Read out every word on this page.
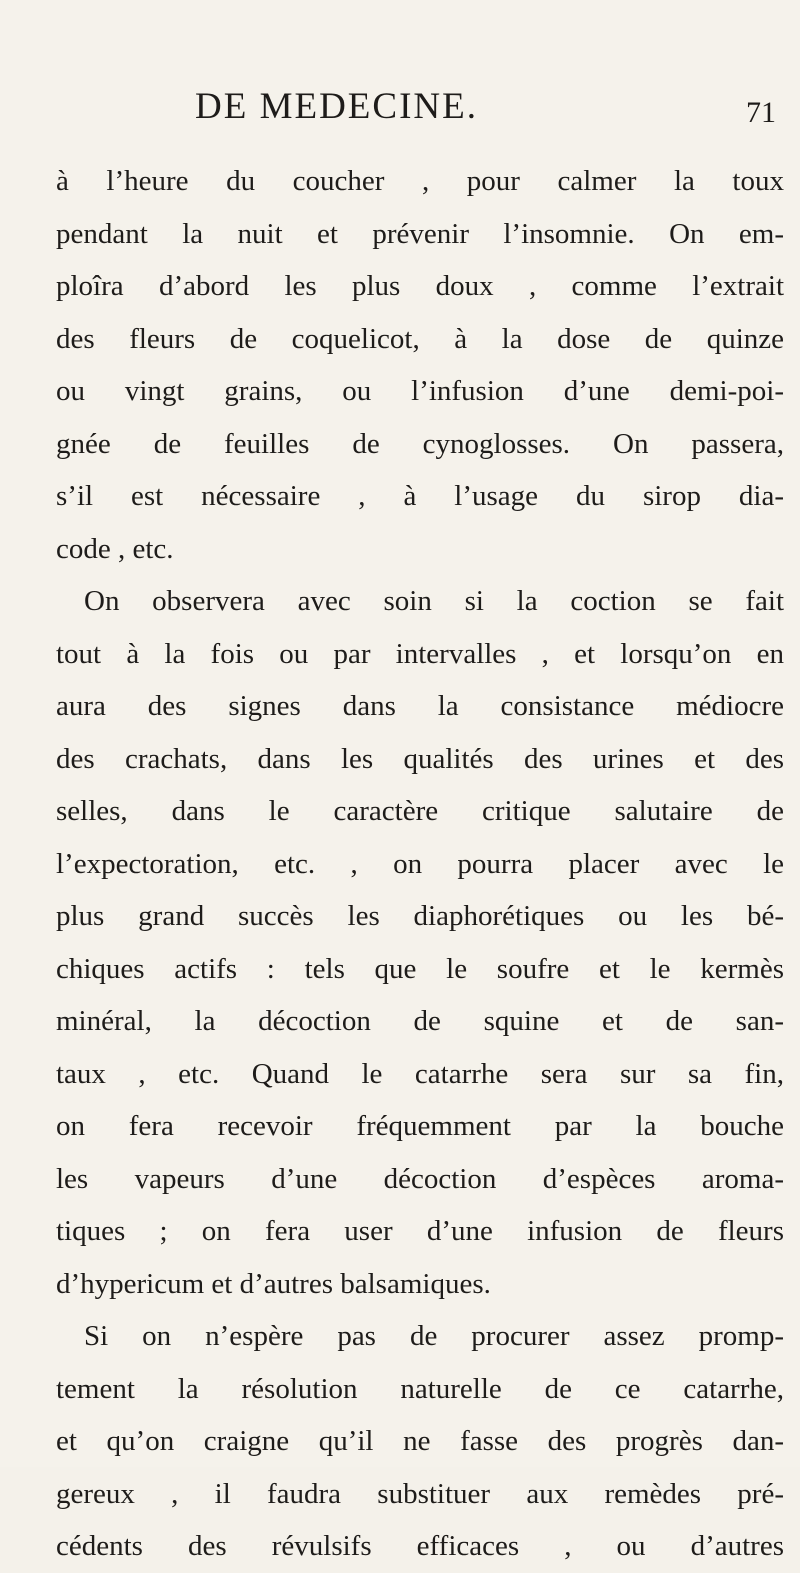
DE MEDECINE.	71
à l’heure du coucher , pour calmer la toux
pendant la nuit et prévenir l’insomnie. On em-
ploîra d’abord les plus doux , comme l’extrait
des fleurs de coquelicot, à la dose de quinze
ou vingt grains, ou l’infusion d’une demi-poi-
gnée de feuilles de cynoglosses. On passera,
s’il est nécessaire , à l’usage du sirop dia-
code , etc.
On observera avec soin si la coction se fait
tout à la fois ou par intervalles , et lorsqu’on en
aura des signes dans la consistance médiocre
des crachats, dans les qualités des urines et des
selles, dans le caractère critique salutaire de
l’expectoration, etc. , on pourra placer avec le
plus grand succès les diaphorétiques ou les bé-
chiques actifs : tels que le soufre et le kermès
minéral, la décoction de squine et de san-
taux , etc. Quand le catarrhe sera sur sa fin,
on fera recevoir fréquemment par la bouche
les vapeurs d’une décoction d’espèces aroma-
tiques ; on fera user d’une infusion de fleurs
d’hypericum et d’autres balsamiques.
Si on n’espère pas de procurer assez promp-
tement la résolution naturelle de ce catarrhe,
et qu’on craigne qu’il ne fasse des progrès dan-
gereux , il faudra substituer aux remèdes pré-
cédents des révulsifs efficaces , ou d’autres
